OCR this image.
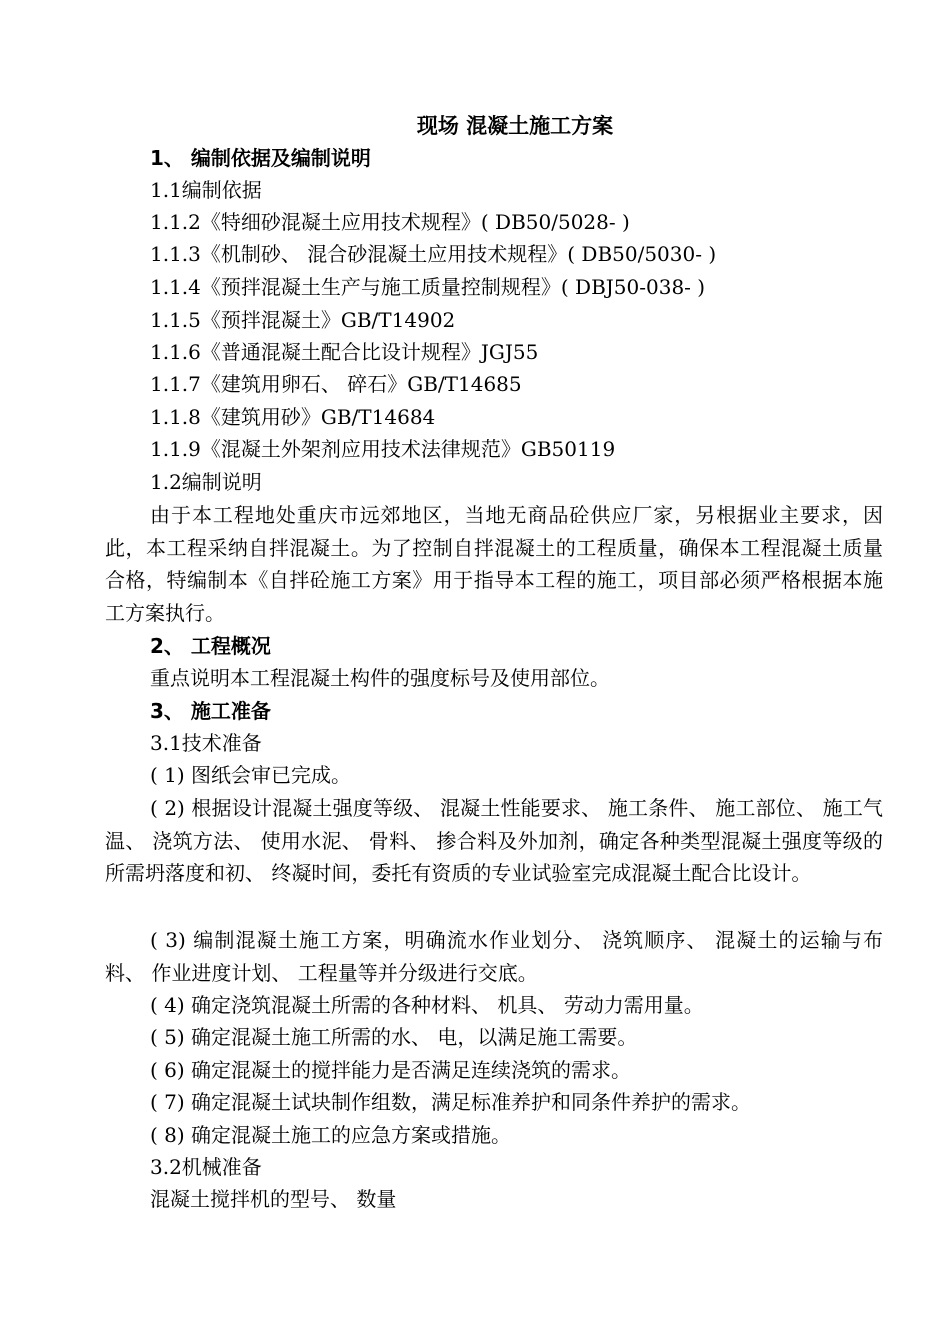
现场 混凝土施工方案

1、 编制依据及编制说明

1.1编制依据

1.1.2《特细砂混凝土应用技术规程》( DB50/5028- )

1.1.3《机制砂、 混合砂混凝土应用技术规程》( DB50/5030- )

1.1.4《预拌混凝土生产与施工质量控制规程》( DBJ50-038- )

1.1.5《预拌混凝土》GB/T14902

1.1.6《普通混凝土配合比设计规程》JGJ55

1.1.7《建筑用卵石、 碎石》GB/T14685

1.1.8《建筑用砂》GB/T14684

1.1.9《混凝土外架剂应用技术法律规范》GB50119

1.2编制说明

由于本工程地处重庆市远郊地区，当地无商品砼供应厂家，另根据业主要求，因此，本工程采纳自拌混凝土。为了控制自拌混凝土的工程质量，确保本工程混凝土质量合格，特编制本《自拌砼施工方案》用于指导本工程的施工，项目部必须严格根据本施工方案执行。

2、 工程概况

重点说明本工程混凝土构件的强度标号及使用部位。

3、 施工准备

3.1技术准备

( 1) 图纸会审已完成。

( 2) 根据设计混凝土强度等级、 混凝土性能要求、 施工条件、 施工部位、 施工气温、 浇筑方法、 使用水泥、 骨料、 掺合料及外加剂，确定各种类型混凝土强度等级的所需坍落度和初、 终凝时间，委托有资质的专业试验室完成混凝土配合比设计。

( 3) 编制混凝土施工方案，明确流水作业划分、 浇筑顺序、 混凝土的运输与布料、 作业进度计划、 工程量等并分级进行交底。

( 4) 确定浇筑混凝土所需的各种材料、 机具、 劳动力需用量。

( 5) 确定混凝土施工所需的水、 电，以满足施工需要。

( 6) 确定混凝土的搅拌能力是否满足连续浇筑的需求。

( 7) 确定混凝土试块制作组数，满足标准养护和同条件养护的需求。

( 8) 确定混凝土施工的应急方案或措施。

3.2机械准备

混凝土搅拌机的型号、 数量
